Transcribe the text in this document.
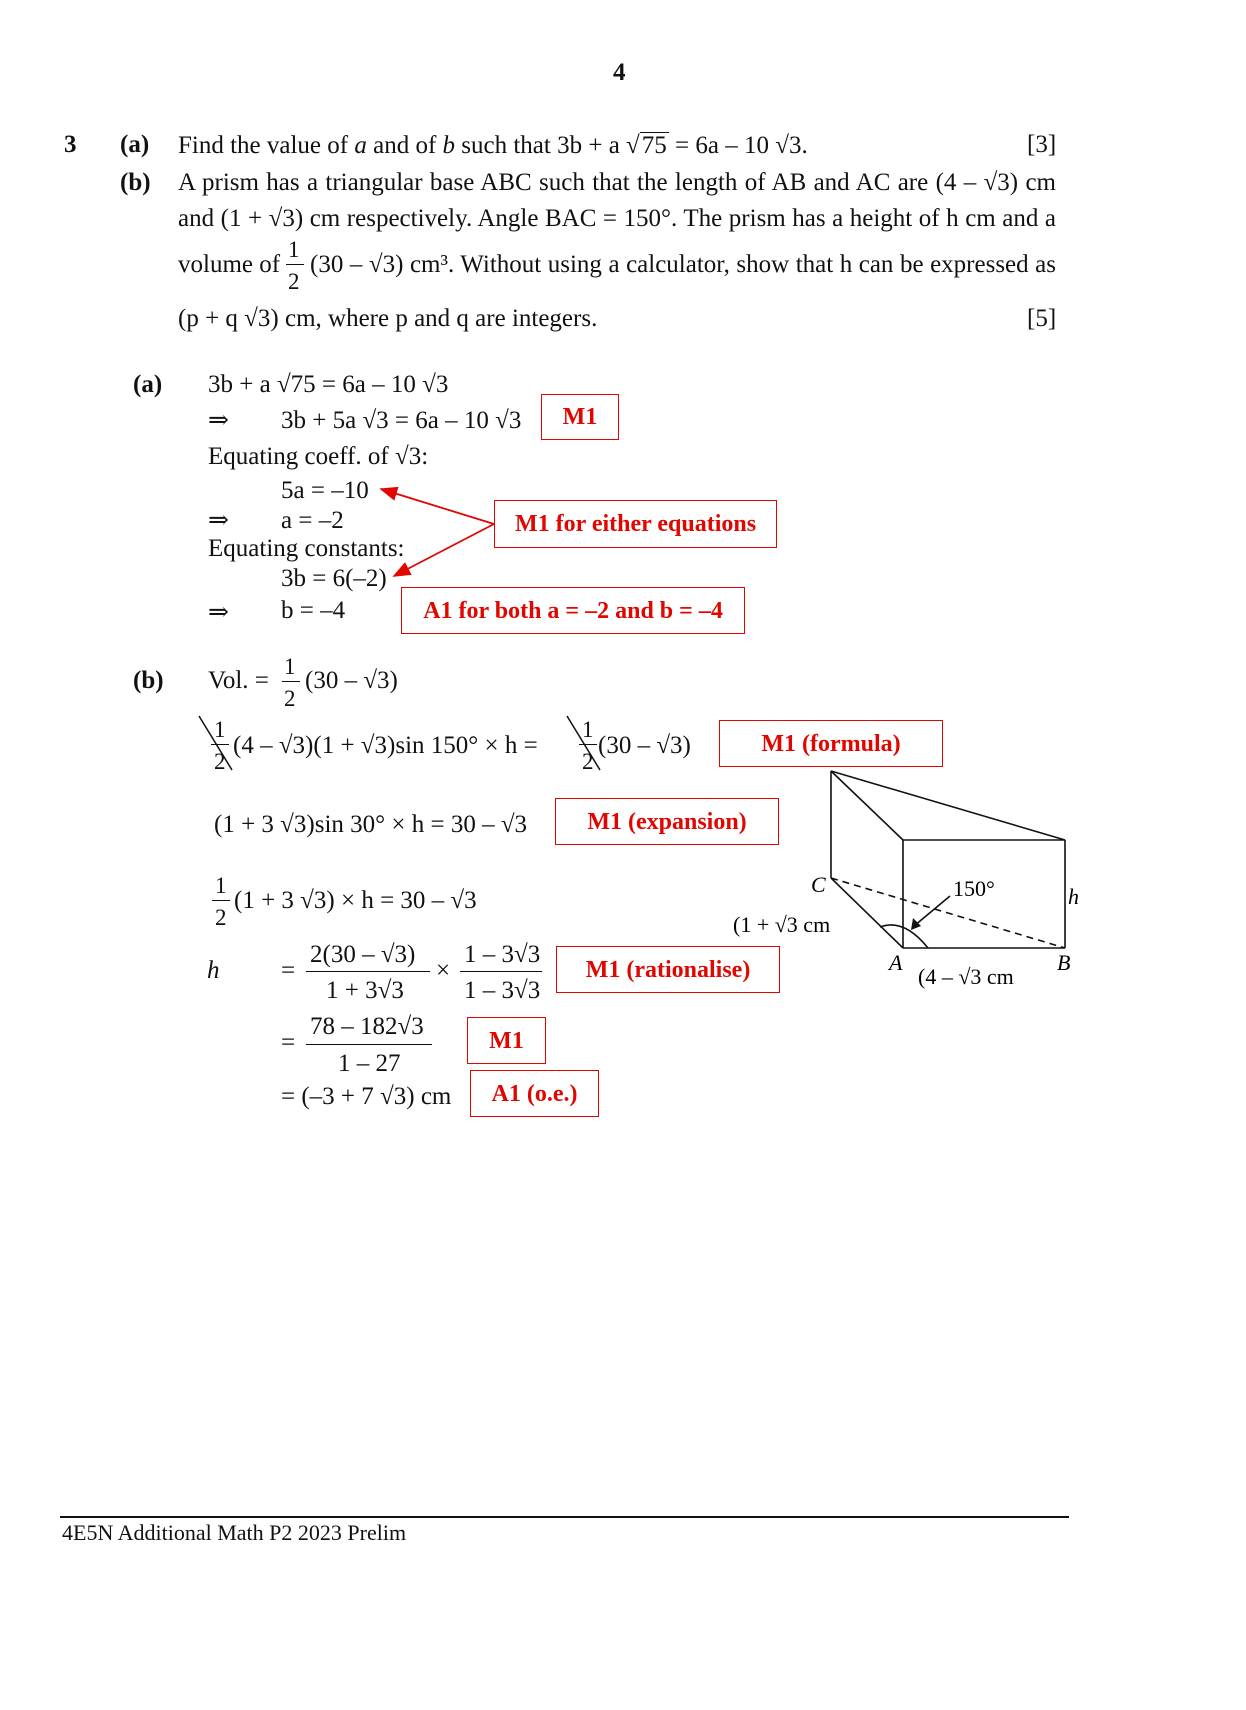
4
3 (a) Find the value of a and of b such that 3b + a √75 = 6a – 10 √3.	[3]
(b) A prism has a triangular base ABC such that the length of AB and AC are (4 – √3) cm
and (1 + √3) cm respectively. Angle BAC = 150°. The prism has a height of h cm and a
volume of
1
2
(30 – √3) cm³. Without using a calculator, show that h can be expressed as
(p + q √3) cm, where p and q are integers.	[5]
(a) 3b + a √75 = 6a – 10 √3
⇒ 3b + 5a √3 = 6a – 10 √3	M1
Equating coeff. of √3:
5a = –10
⇒ a = –2
Equating constants:
3b = 6(–2)
⇒ b = –4
M1 for either equations
A1 for both a = –2 and b = –4
(b) Vol. =
1
2
(30 – √3)
1
2
(4 – √3)(1 + √3)sin 150° × h =
1
2
(30 – √3)	M1 (formula)
(1 + 3 √3)sin 30° × h = 30 – √3	M1 (expansion)
1
2
(1 + 3 √3) × h = 30 – √3
h =
2(30 – √3)
1 + 3√3
×
1 – 3√3
1 – 3√3
M1 (rationalise)
=
78 – 182√3
1 – 27
M1
= (–3 + 7 √3) cm	A1 (o.e.)
C
A	B
h
150°
(1 + √3 cm
(4 – √3 cm
4E5N Additional Math P2 2023 Prelim
